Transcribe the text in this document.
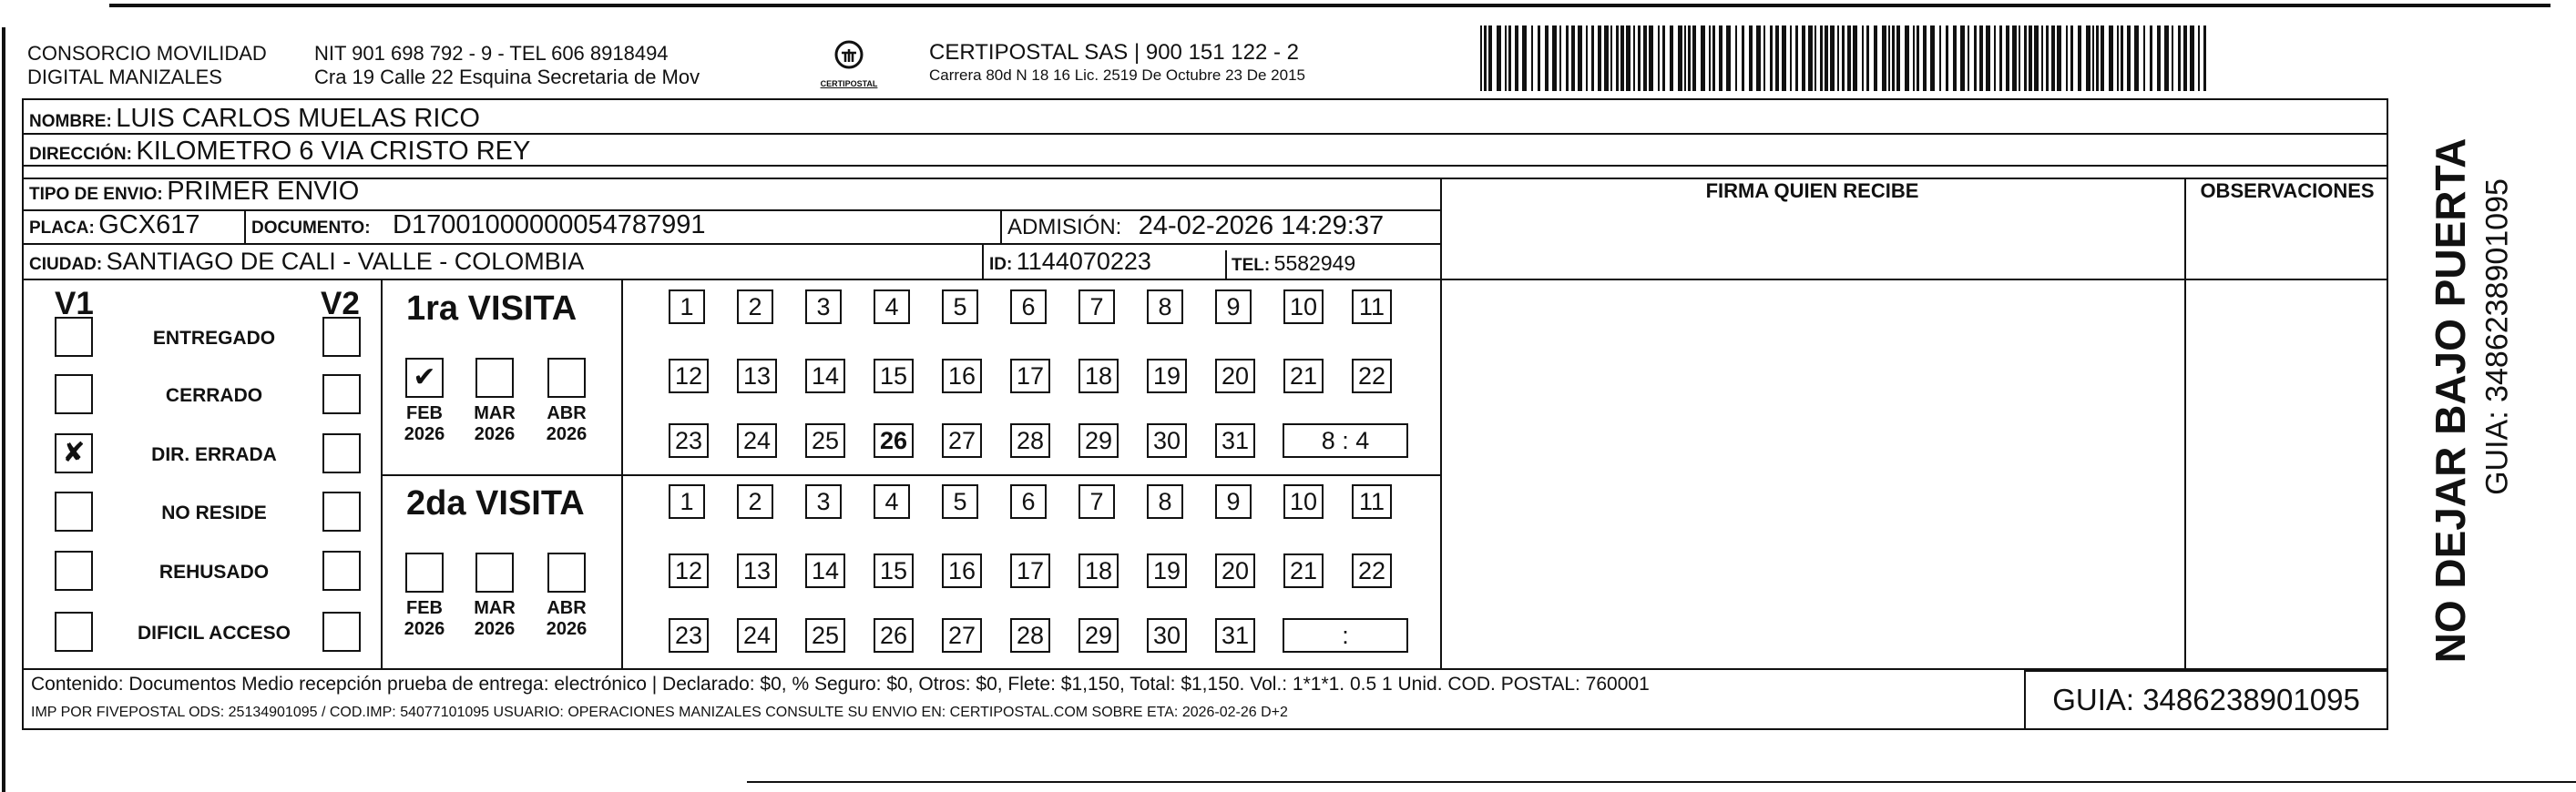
CONSORCIO MOVILIDAD
DIGITAL MANIZALES
NIT 901 698 792 - 9 - TEL 606 8918494
Cra 19 Calle 22 Esquina Secretaria de Mov	CERTIPOSTAL
CERTIPOSTAL SAS | 900 151 122 - 2
Carrera 80d N 18 16 Lic. 2519 De Octubre 23 De 2015
NOMBRE: LUIS CARLOS MUELAS RICO
DIRECCIÓN: KILOMETRO 6 VIA CRISTO REY
TIPO DE ENVIO: PRIMER ENVIO
PLACA: GCX617	DOCUMENTO: D17001000000054787991	ADMISIÓN: 24-02-2026 14:29:37
CIUDAD: SANTIAGO DE CALI - VALLE - COLOMBIA	ID: 1144070223	TEL: 5582949
FIRMA QUIEN RECIBE	OBSERVACIONES
V1	V2
ENTREGADO
CERRADO
✘	DIR. ERRADA
NO RESIDE
REHUSADO
DIFICIL ACCESO
1ra VISITA
2da VISITA
✔
FEB
2026
MAR
2026
ABR
2026
1	2	3	4	5	6	7	8	9	10 11
12 13 14 15 16 17 18 19 20 21 22
23 24 25 26 27 28 29 30 31	8 : 4
FEB
2026
MAR
2026
ABR
2026
1	2	3	4	5	6	7	8	9	10 11
12 13 14 15 16 17 18 19 20 21 22
23 24 25 26 27 28 29 30 31	:
Contenido: Documentos Medio recepción prueba de entrega: electrónico | Declarado: $0, % Seguro: $0, Otros: $0, Flete: $1,150, Total: $1,150. Vol.: 1*1*1. 0.5 1 Unid. COD. POSTAL: 760001
IMP POR FIVEPOSTAL ODS: 25134901095 / COD.IMP: 54077101095 USUARIO: OPERACIONES MANIZALES CONSULTE SU ENVIO EN: CERTIPOSTAL.COM SOBRE ETA: 2026-02-26 D+2	GUIA: 3486238901095
NO DEJAR BAJO PUERTA GUIA: 3486238901095
